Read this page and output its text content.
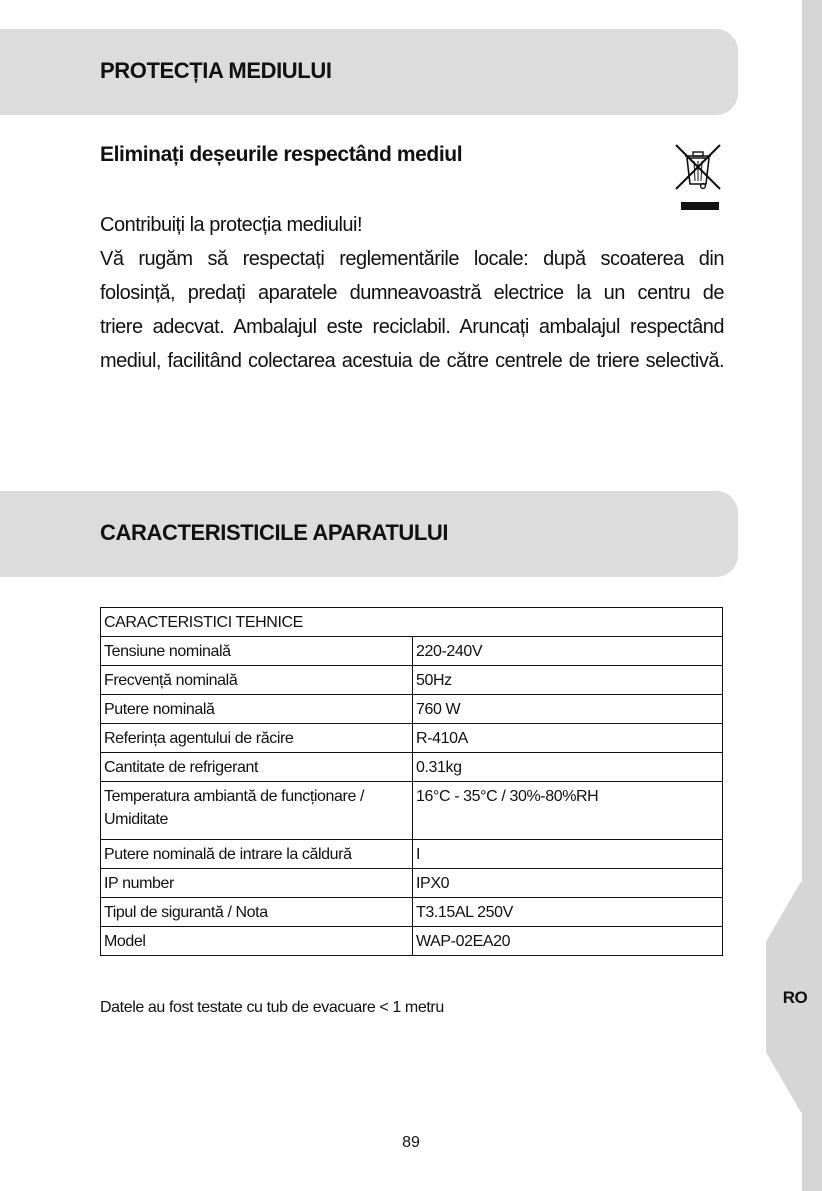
RO
PROTECȚIA MEDIULUI
Eliminați deșeurile respectând mediul

Contribuiți la protecția mediului!

Vă rugăm să respectați reglementările locale: după scoaterea din

folosință, predați aparatele dumneavoastră electrice la un centru de

triere adecvat. Ambalajul este reciclabil. Aruncați ambalajul respectând

mediul, facilitând colectarea acestuia de către centrele de triere selectivă.

CARACTERISTICILE APARATULUI
CARACTERISTICI TEHNICE	
Tensiune nominală	220-240V
Frecvență nominală	50Hz
Putere nominală	760 W
Referința agentului de răcire	R-410A
Cantitate de refrigerant	0.31kg
Temperatura ambiantă de funcționare / Umiditate	16°C - 35°C / 30%-80%RH
Putere nominală de intrare la căldură	I
IP number	IPX0
Tipul de sigurantă / Nota	T3.15AL 250V
Model	WAP-02EA20
Datele au fost testate cu tub de evacuare < 1 metru
89
